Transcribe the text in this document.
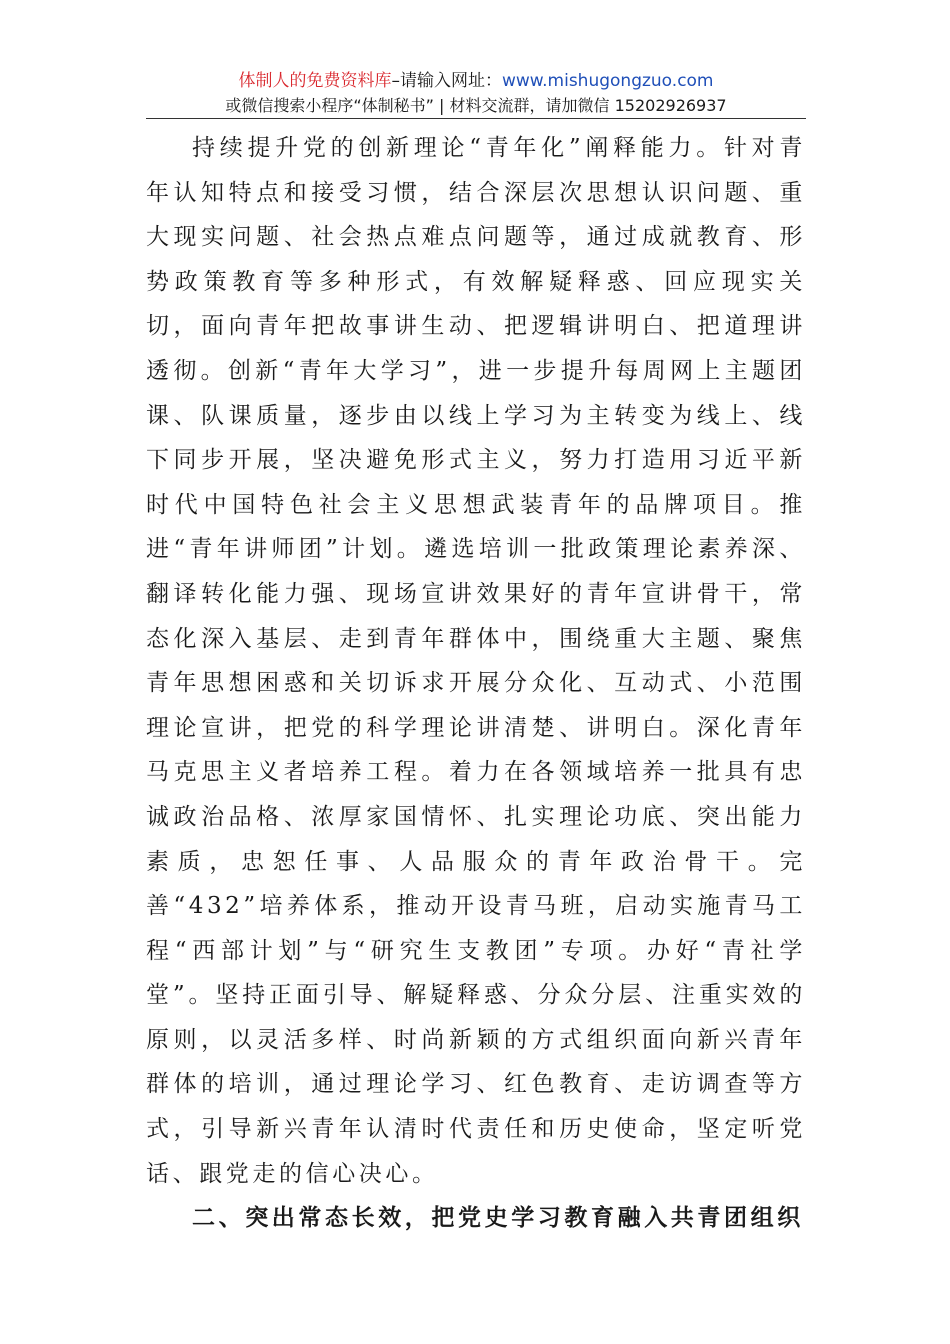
体制人的免费资料库–请输入网址：www.mishugongzuo.com
或微信搜索小程序“体制秘书” | 材料交流群，请加微信 15202926937

持续提升党的创新理论“青年化”阐释能力。针对青年认知特点和接受习惯，结合深层次思想认识问题、重大现实问题、社会热点难点问题等，通过成就教育、形势政策教育等多种形式，有效解疑释惑、回应现实关切，面向青年把故事讲生动、把逻辑讲明白、把道理讲透彻。创新“青年大学习”，进一步提升每周网上主题团课、队课质量，逐步由以线上学习为主转变为线上、线下同步开展，坚决避免形式主义，努力打造用习近平新时代中国特色社会主义思想武装青年的品牌项目。推进“青年讲师团”计划。遴选培训一批政策理论素养深、翻译转化能力强、现场宣讲效果好的青年宣讲骨干，常态化深入基层、走到青年群体中，围绕重大主题、聚焦青年思想困惑和关切诉求开展分众化、互动式、小范围理论宣讲，把党的科学理论讲清楚、讲明白。深化青年马克思主义者培养工程。着力在各领域培养一批具有忠诚政治品格、浓厚家国情怀、扎实理论功底、突出能力素质，忠恕任事、人品服众的青年政治骨干。完善“432”培养体系，推动开设青马班，启动实施青马工程“西部计划”与“研究生支教团”专项。办好“青社学堂”。坚持正面引导、解疑释惑、分众分层、注重实效的原则，以灵活多样、时尚新颖的方式组织面向新兴青年群体的培训，通过理论学习、红色教育、走访调查等方式，引导新兴青年认清时代责任和历史使命，坚定听党话、跟党走的信心决心。

二、突出常态长效，把党史学习教育融入共青团组织
